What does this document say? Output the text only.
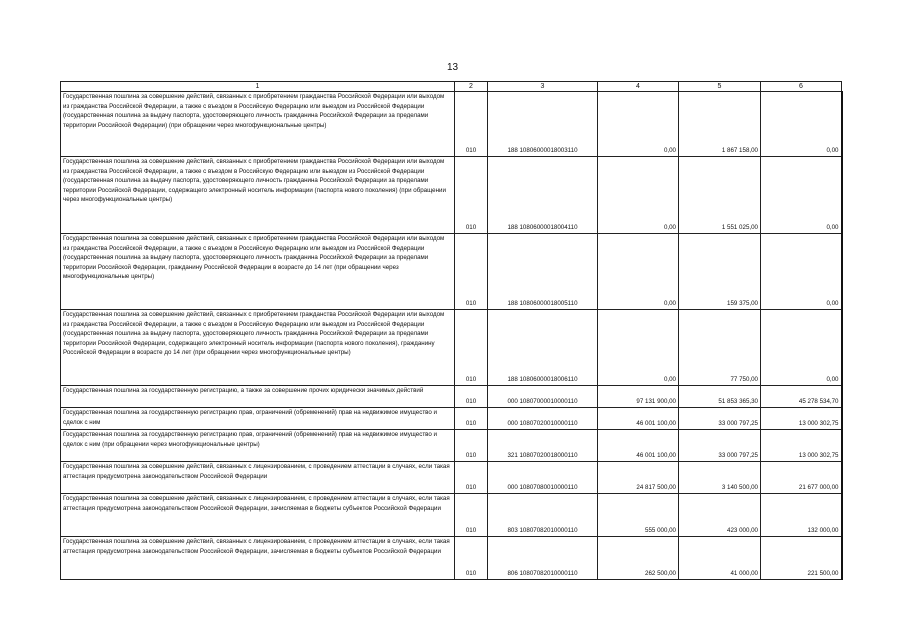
13
1	2	3	4	5	6
Государственная пошлина за совершение действий, связанных с приобретением гражданства Российской Федерации или выходом из гражданства Российской Федерации, а также с въездом в Российскую Федерацию или выездом из Российской Федерации (государственная пошлина за выдачу паспорта, удостоверяющего личность гражданина Российской Федерации за пределами территории Российской Федерации) (при обращении через многофункциональные центры)	010	188 10806000018003110	0,00	1 867 158,00	0,00
Государственная пошлина за совершение действий, связанных с приобретением гражданства Российской Федерации или выходом из гражданства Российской Федерации, а также с въездом в Российскую Федерацию или выездом из Российской Федерации (государственная пошлина за выдачу паспорта, удостоверяющего личность гражданина Российской Федерации за пределами территории Российской Федерации, содержащего электронный носитель информации (паспорта нового поколения) (при обращении через многофункциональные центры)	010	188 10806000018004110	0,00	1 551 025,00	0,00
Государственная пошлина за совершение действий, связанных с приобретением гражданства Российской Федерации или выходом из гражданства Российской Федерации, а также с въездом в Российскую Федерацию или выездом из Российской Федерации (государственная пошлина за выдачу паспорта, удостоверяющего личность гражданина Российской Федерации за пределами территории Российской Федерации, гражданину Российской Федерации в возрасте до 14 лет (при обращении через многофункциональные центры)	010	188 10806000018005110	0,00	159 375,00	0,00
Государственная пошлина за совершение действий, связанных с приобретением гражданства Российской Федерации или выходом из гражданства Российской Федерации, а также с въездом в Российскую Федерацию или выездом из Российской Федерации (государственная пошлина за выдачу паспорта, удостоверяющего личность гражданина Российской Федерации за пределами территории Российской Федерации, содержащего электронный носитель информации (паспорта нового поколения), гражданину Российской Федерации в возрасте до 14 лет (при обращении через многофункциональные центры)	010	188 10806000018006110	0,00	77 750,00	0,00
Государственная пошлина за государственную регистрацию, а также за совершение прочих юридически значимых действий	010	000 10807000010000110	97 131 900,00	51 853 365,30	45 278 534,70
Государственная пошлина за государственную регистрацию прав, ограничений (обременений) прав на недвижимое имущество и сделок с ним	010	000 10807020010000110	46 001 100,00	33 000 797,25	13 000 302,75
Государственная пошлина за государственную регистрацию прав, ограничений (обременений) прав на недвижимое имущество и сделок с ним (при обращении через многофункциональные центры)	010	321 10807020018000110	46 001 100,00	33 000 797,25	13 000 302,75
Государственная пошлина за совершение действий, связанных с лицензированием, с проведением аттестации в случаях, если такая аттестация предусмотрена законодательством Российской Федерации	010	000 10807080010000110	24 817 500,00	3 140 500,00	21 677 000,00
Государственная пошлина за совершение действий, связанных с лицензированием, с проведением аттестации в случаях, если такая аттестация предусмотрена законодательством Российской Федерации, зачисляемая в бюджеты субъектов Российской Федерации	010	803 10807082010000110	555 000,00	423 000,00	132 000,00
Государственная пошлина за совершение действий, связанных с лицензированием, с проведением аттестации в случаях, если такая аттестация предусмотрена законодательством Российской Федерации, зачисляемая в бюджеты субъектов Российской Федерации	010	806 10807082010000110	262 500,00	41 000,00	221 500,00
